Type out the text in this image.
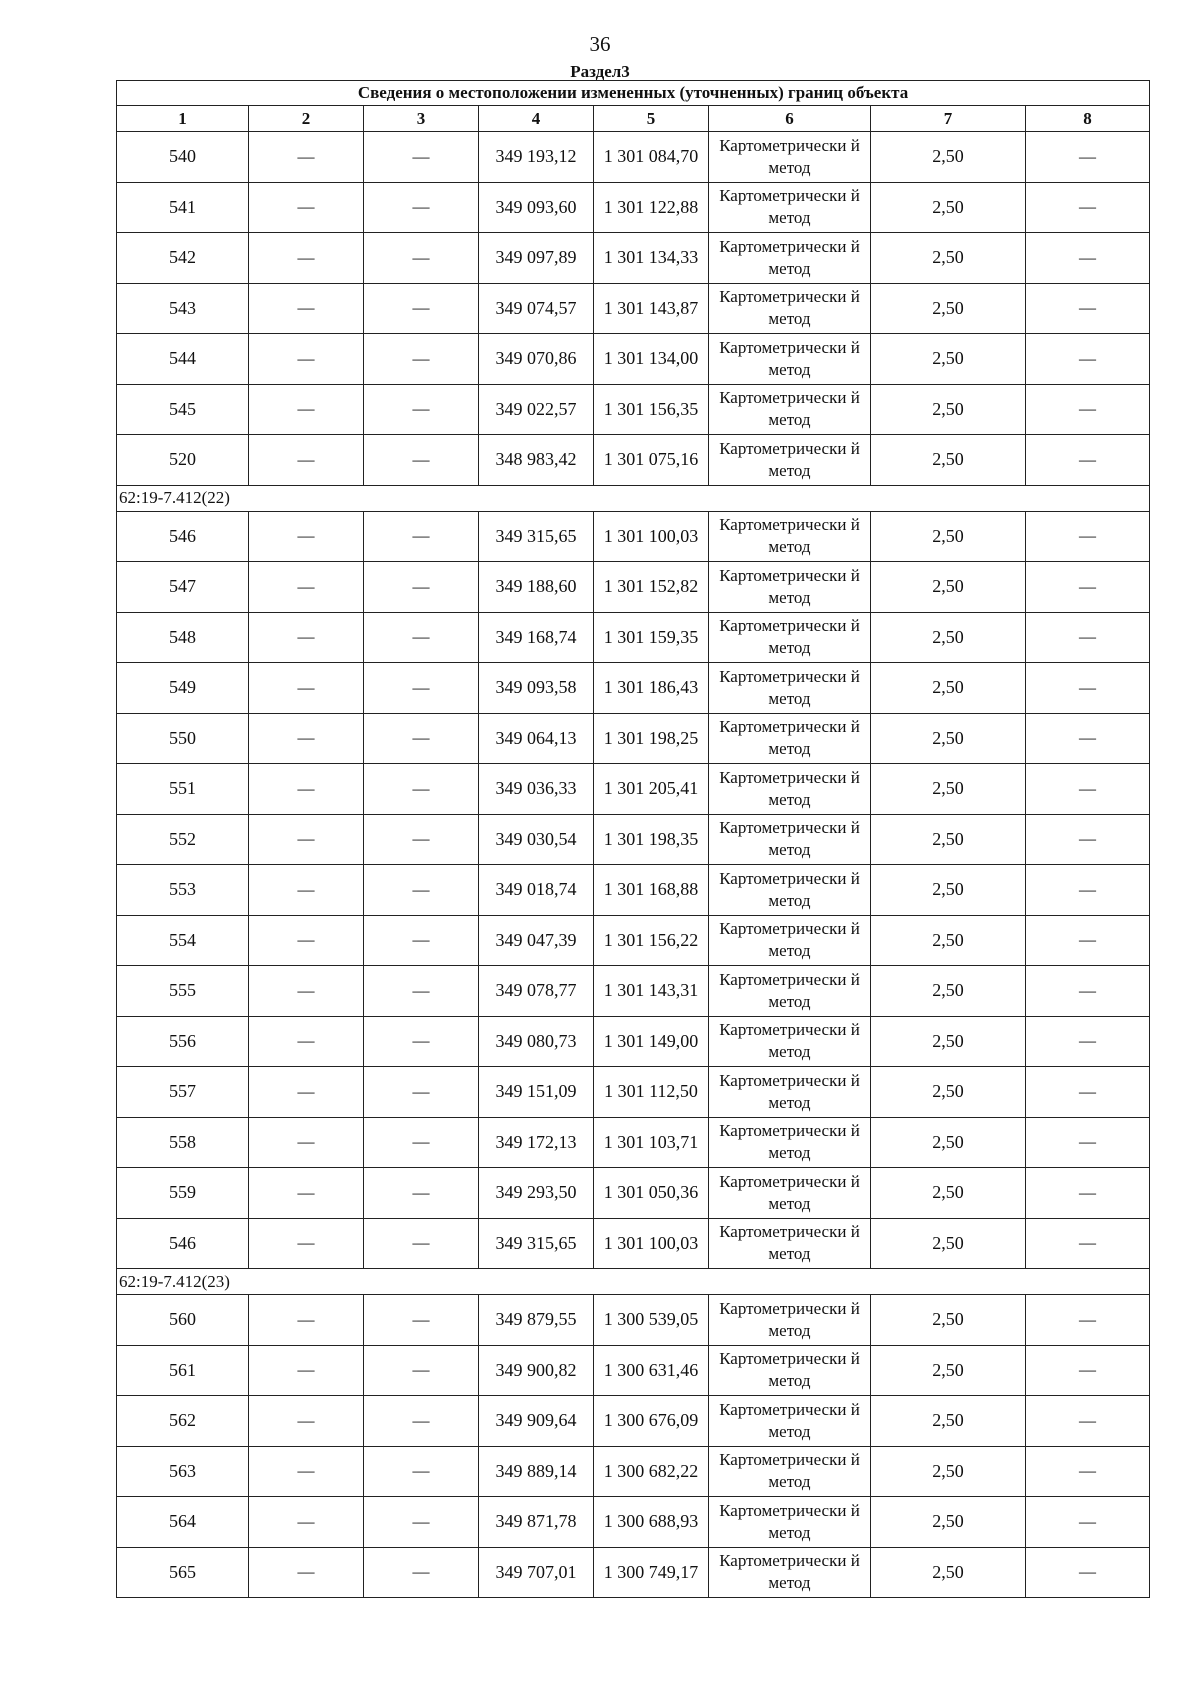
36
Раздел3
Сведения о местоположении измененных (уточненных) границ объекта							
1	2	3	4	5	6	7	8
540	—	—	349 193,12	1 301 084,70	Картометрически й метод	2,50	—
541	—	—	349 093,60	1 301 122,88	Картометрически й метод	2,50	—
542	—	—	349 097,89	1 301 134,33	Картометрически й метод	2,50	—
543	—	—	349 074,57	1 301 143,87	Картометрически й метод	2,50	—
544	—	—	349 070,86	1 301 134,00	Картометрически й метод	2,50	—
545	—	—	349 022,57	1 301 156,35	Картометрически й метод	2,50	—
520	—	—	348 983,42	1 301 075,16	Картометрически й метод	2,50	—
62:19-7.412(22)							
546	—	—	349 315,65	1 301 100,03	Картометрически й метод	2,50	—
547	—	—	349 188,60	1 301 152,82	Картометрически й метод	2,50	—
548	—	—	349 168,74	1 301 159,35	Картометрически й метод	2,50	—
549	—	—	349 093,58	1 301 186,43	Картометрически й метод	2,50	—
550	—	—	349 064,13	1 301 198,25	Картометрически й метод	2,50	—
551	—	—	349 036,33	1 301 205,41	Картометрически й метод	2,50	—
552	—	—	349 030,54	1 301 198,35	Картометрически й метод	2,50	—
553	—	—	349 018,74	1 301 168,88	Картометрически й метод	2,50	—
554	—	—	349 047,39	1 301 156,22	Картометрически й метод	2,50	—
555	—	—	349 078,77	1 301 143,31	Картометрически й метод	2,50	—
556	—	—	349 080,73	1 301 149,00	Картометрически й метод	2,50	—
557	—	—	349 151,09	1 301 112,50	Картометрически й метод	2,50	—
558	—	—	349 172,13	1 301 103,71	Картометрически й метод	2,50	—
559	—	—	349 293,50	1 301 050,36	Картометрически й метод	2,50	—
546	—	—	349 315,65	1 301 100,03	Картометрически й метод	2,50	—
62:19-7.412(23)							
560	—	—	349 879,55	1 300 539,05	Картометрически й метод	2,50	—
561	—	—	349 900,82	1 300 631,46	Картометрически й метод	2,50	—
562	—	—	349 909,64	1 300 676,09	Картометрически й метод	2,50	—
563	—	—	349 889,14	1 300 682,22	Картометрически й метод	2,50	—
564	—	—	349 871,78	1 300 688,93	Картометрически й метод	2,50	—
565	—	—	349 707,01	1 300 749,17	Картометрически й метод	2,50	—
